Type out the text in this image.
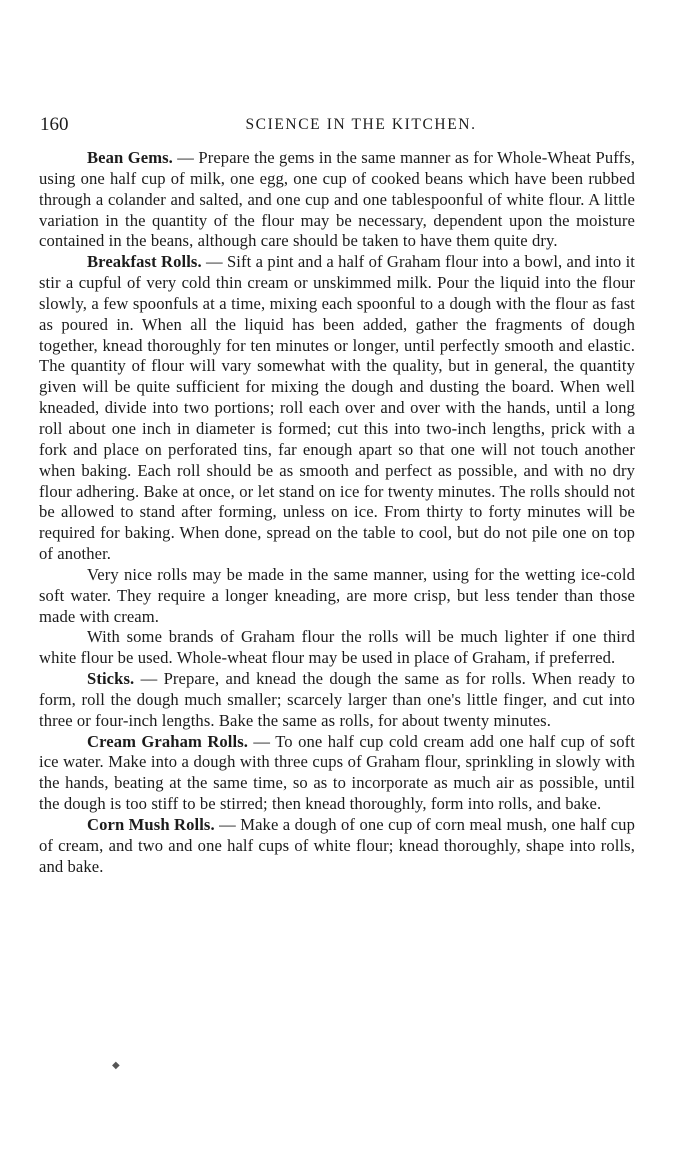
160	SCIENCE IN THE KITCHEN.

Bean Gems. — Prepare the gems in the same manner as for Whole-Wheat Puffs, using one half cup of milk, one egg, one cup of cooked beans which have been rubbed through a colander and salted, and one cup and one tablespoonful of white flour. A little variation in the quantity of the flour may be necessary, dependent upon the moisture contained in the beans, although care should be taken to have them quite dry.

Breakfast Rolls. — Sift a pint and a half of Graham flour into a bowl, and into it stir a cupful of very cold thin cream or unskimmed milk. Pour the liquid into the flour slowly, a few spoonfuls at a time, mixing each spoonful to a dough with the flour as fast as poured in. When all the liquid has been added, gather the fragments of dough together, knead thoroughly for ten minutes or longer, until perfectly smooth and elastic. The quantity of flour will vary somewhat with the quality, but in general, the quantity given will be quite sufficient for mixing the dough and dusting the board. When well kneaded, divide into two portions; roll each over and over with the hands, until a long roll about one inch in diameter is formed; cut this into two-inch lengths, prick with a fork and place on perforated tins, far enough apart so that one will not touch another when baking. Each roll should be as smooth and perfect as possible, and with no dry flour adhering. Bake at once, or let stand on ice for twenty minutes. The rolls should not be allowed to stand after forming, unless on ice. From thirty to forty minutes will be required for baking. When done, spread on the table to cool, but do not pile one on top of another.

Very nice rolls may be made in the same manner, using for the wetting ice-cold soft water. They require a longer kneading, are more crisp, but less tender than those made with cream.

With some brands of Graham flour the rolls will be much lighter if one third white flour be used. Whole-wheat flour may be used in place of Graham, if preferred.

Sticks. — Prepare, and knead the dough the same as for rolls. When ready to form, roll the dough much smaller; scarcely larger than one's little finger, and cut into three or four-inch lengths. Bake the same as rolls, for about twenty minutes.

Cream Graham Rolls. — To one half cup cold cream add one half cup of soft ice water. Make into a dough with three cups of Graham flour, sprinkling in slowly with the hands, beating at the same time, so as to incorporate as much air as possible, until the dough is too stiff to be stirred; then knead thoroughly, form into rolls, and bake.

Corn Mush Rolls. — Make a dough of one cup of corn meal mush, one half cup of cream, and two and one half cups of white flour; knead thoroughly, shape into rolls, and bake.

◆
